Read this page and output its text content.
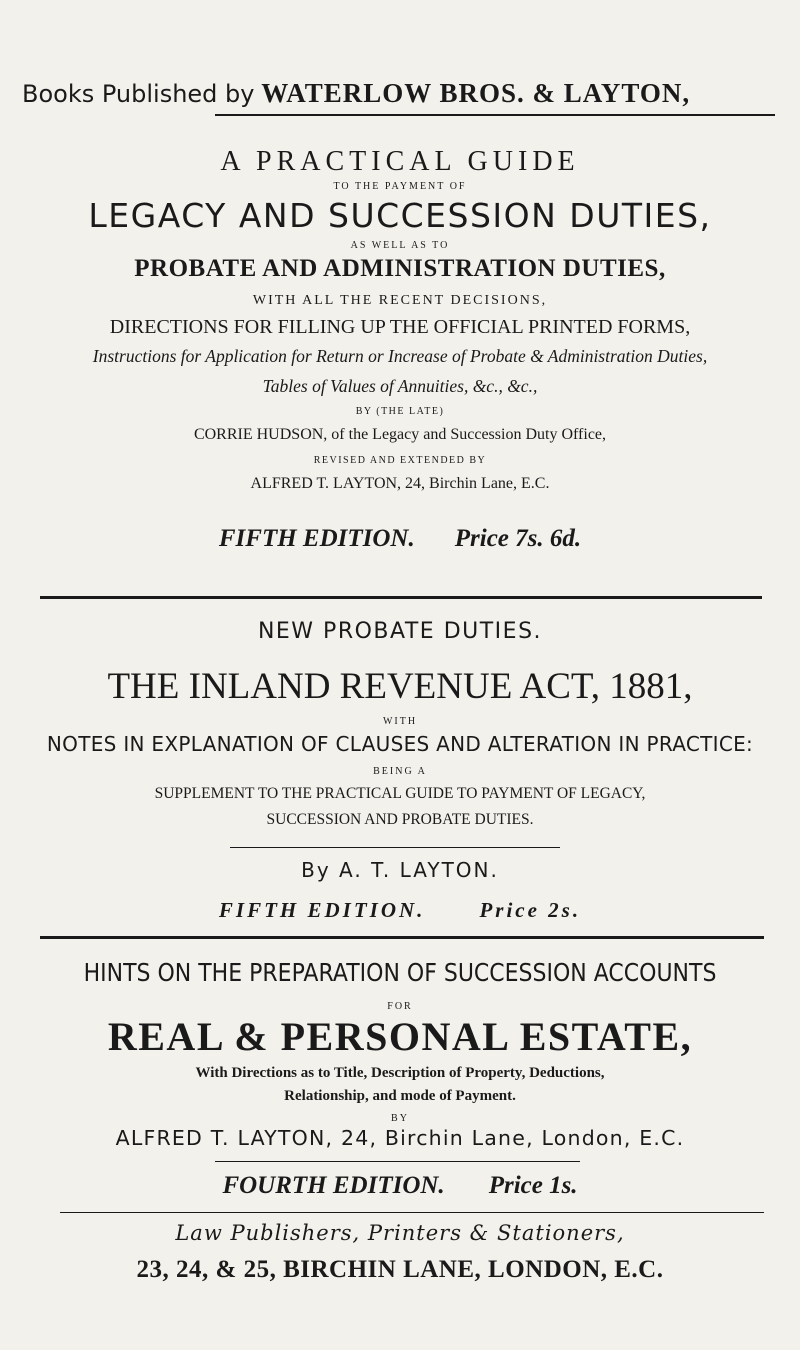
Books Published by WATERLOW BROS. & LAYTON,
A PRACTICAL GUIDE
TO THE PAYMENT OF
LEGACY AND SUCCESSION DUTIES,
AS WELL AS TO
PROBATE AND ADMINISTRATION DUTIES,
WITH ALL THE RECENT DECISIONS,
DIRECTIONS FOR FILLING UP THE OFFICIAL PRINTED FORMS,
Instructions for Application for Return or Increase of Probate & Administration Duties,
Tables of Values of Annuities, &c., &c.,
BY (THE LATE)
CORRIE HUDSON, of the Legacy and Succession Duty Office,
REVISED AND EXTENDED BY
ALFRED T. LAYTON, 24, Birchin Lane, E.C.
FIFTH EDITION. Price 7s. 6d.
NEW PROBATE DUTIES.
THE INLAND REVENUE ACT, 1881,
WITH
NOTES IN EXPLANATION OF CLAUSES AND ALTERATION IN PRACTICE:
BEING A
SUPPLEMENT TO THE PRACTICAL GUIDE TO PAYMENT OF LEGACY,
SUCCESSION AND PROBATE DUTIES.
By A. T. LAYTON.
FIFTH EDITION.	Price 2s.
HINTS ON THE PREPARATION OF SUCCESSION ACCOUNTS
FOR
REAL & PERSONAL ESTATE,
With Directions as to Title, Description of Property, Deductions,
Relationship, and mode of Payment.
BY
ALFRED T. LAYTON, 24, Birchin Lane, London, E.C.
FOURTH EDITION. Price 1s.
Law Publishers, Printers & Stationers,
23, 24, & 25, BIRCHIN LANE, LONDON, E.C.
